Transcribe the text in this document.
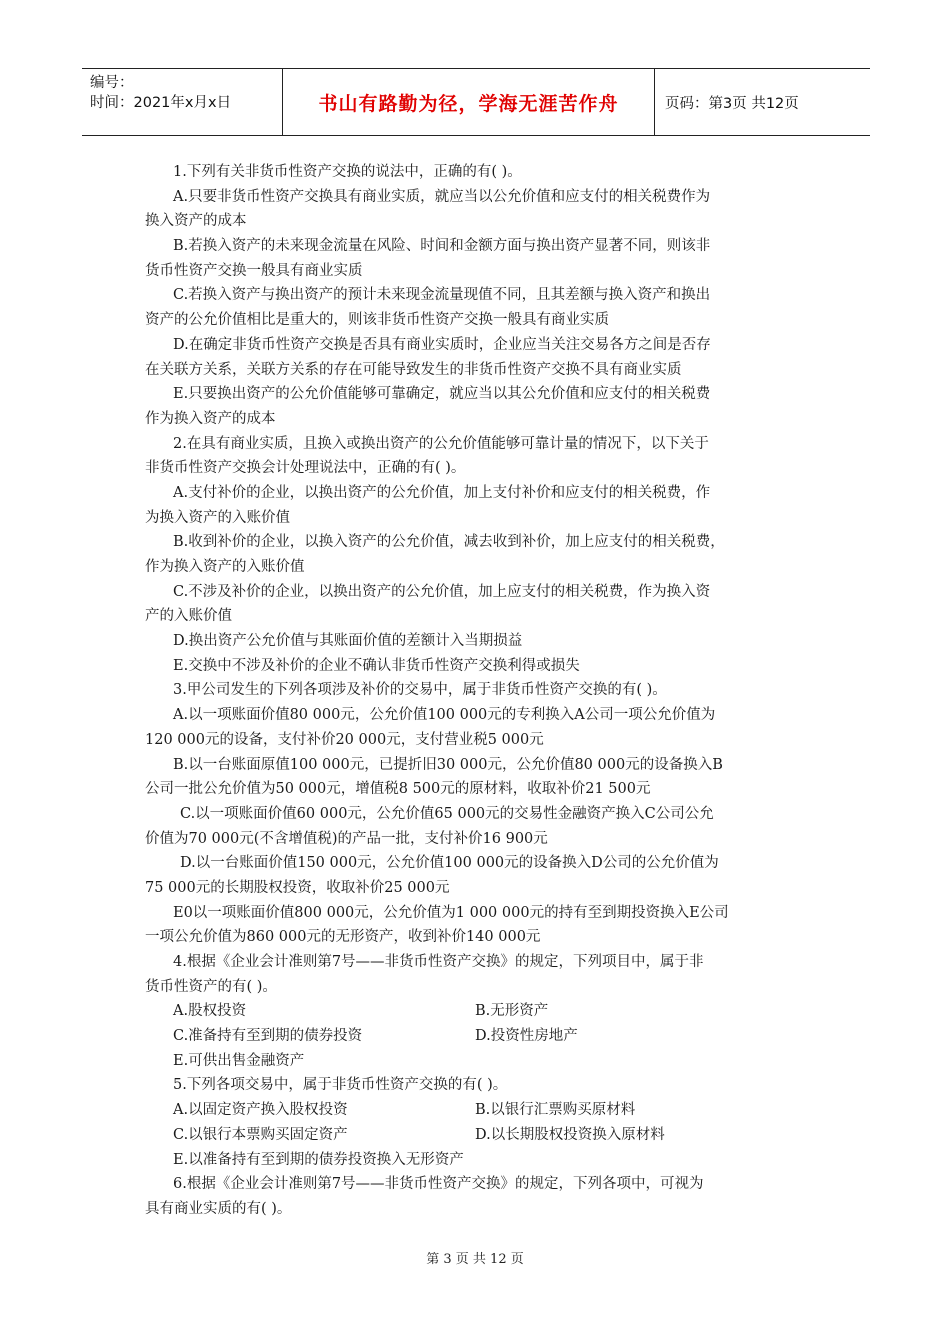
编号：
时间：2021年x月x日	书山有路勤为径，学海无涯苦作舟	页码：第3页 共12页
1.下列有关非货币性资产交换的说法中，正确的有( )。
A.只要非货币性资产交换具有商业实质，就应当以公允价值和应支付的相关税费作为
换入资产的成本
B.若换入资产的未来现金流量在风险、时间和金额方面与换出资产显著不同，则该非
货币性资产交换一般具有商业实质
C.若换入资产与换出资产的预计未来现金流量现值不同，且其差额与换入资产和换出
资产的公允价值相比是重大的，则该非货币性资产交换一般具有商业实质
D.在确定非货币性资产交换是否具有商业实质时，企业应当关注交易各方之间是否存
在关联方关系，关联方关系的存在可能导致发生的非货币性资产交换不具有商业实质
E.只要换出资产的公允价值能够可靠确定，就应当以其公允价值和应支付的相关税费
作为换入资产的成本
2.在具有商业实质，且换入或换出资产的公允价值能够可靠计量的情况下，以下关于
非货币性资产交换会计处理说法中，正确的有( )。
A.支付补价的企业，以换出资产的公允价值，加上支付补价和应支付的相关税费，作
为换入资产的入账价值
B.收到补价的企业，以换入资产的公允价值，减去收到补价，加上应支付的相关税费，
作为换入资产的入账价值
C.不涉及补价的企业，以换出资产的公允价值，加上应支付的相关税费，作为换入资
产的入账价值
D.换出资产公允价值与其账面价值的差额计入当期损益
E.交换中不涉及补价的企业不确认非货币性资产交换利得或损失
3.甲公司发生的下列各项涉及补价的交易中，属于非货币性资产交换的有( )。
A.以一项账面价值80 000元，公允价值100 000元的专利换入A公司一项公允价值为
120 000元的设备，支付补价20 000元，支付营业税5 000元
B.以一台账面原值100 000元，已提折旧30 000元，公允价值80 000元的设备换入B
公司一批公允价值为50 000元，增值税8 500元的原材料，收取补价21 500元
C.以一项账面价值60 000元，公允价值65 000元的交易性金融资产换入C公司公允
价值为70 000元(不含增值税)的产品一批，支付补价16 900元
D.以一台账面价值150 000元，公允价值100 000元的设备换入D公司的公允价值为
75 000元的长期股权投资，收取补价25 000元
E0以一项账面价值800 000元，公允价值为1 000 000元的持有至到期投资换入E公司
一项公允价值为860 000元的无形资产，收到补价140 000元
4.根据《企业会计准则第7号——非货币性资产交换》的规定，下列项目中，属于非
货币性资产的有( )。
A.股权投资	B.无形资产
C.准备持有至到期的债券投资	D.投资性房地产
E.可供出售金融资产
5.下列各项交易中，属于非货币性资产交换的有( )。
A.以固定资产换入股权投资	B.以银行汇票购买原材料
C.以银行本票购买固定资产	D.以长期股权投资换入原材料
E.以准备持有至到期的债券投资换入无形资产
6.根据《企业会计准则第7号——非货币性资产交换》的规定，下列各项中，可视为
具有商业实质的有( )。
第 3 页 共 12 页
